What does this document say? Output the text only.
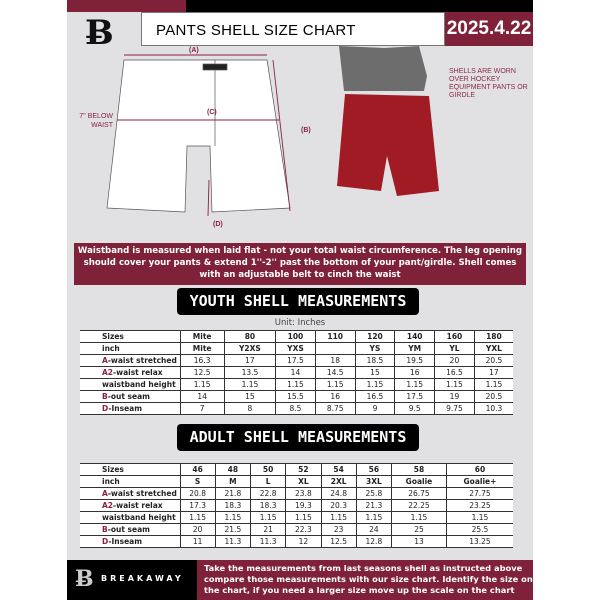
Ƀ	PANTS SHELL SIZE CHART	2025.4.22
(A)
(C)
(B)
(D)
7'' BELOW WAIST
SHELLS ARE WORN OVER HOCKEY EQUIPMENT PANTS OR GIRDLE
Waistband is measured when laid flat - not your total waist circumference. The leg opening should cover your pants & extend 1''-2'' past the bottom of your pant/girdle. Shell comes with an adjustable belt to cinch the waist
YOUTH SHELL MEASUREMENTS
Unit: Inches
Sizes	Mite	80	100	110	120	140	160	180
inch	Mite	Y2XS	YXS		YS	YM	YL	YXL
A-waist stretched	16.3	17	17.5	18	18.5	19.5	20	20.5
A2-waist relax	12.5	13.5	14	14.5	15	16	16.5	17
waistband height	1.15	1.15	1.15	1.15	1.15	1.15	1.15	1.15
B-out seam	14	15	15.5	16	16.5	17.5	19	20.5
D-Inseam	7	8	8.5	8.75	9	9.5	9.75	10.3
ADULT SHELL MEASUREMENTS
Sizes	46	48	50	52	54	56	58	60
inch	S	M	L	XL	2XL	3XL	Goalie	Goalie+
A-waist stretched	20.8	21.8	22.8	23.8	24.8	25.8	26.75	27.75
A2-waist relax	17.3	18.3	18.3	19.3	20.3	21.3	22.25	23.25
waistband height	1.15	1.15	1.15	1.15	1.15	1.15	1.15	1.15
B-out seam	20	21.5	21	22.3	23	24	25	25.5
D-Inseam	11	11.3	11.3	12	12.5	12.8	13	13.25
Ƀ BREAKAWAY
Take the measurements from last seasons shell as instructed above compare those measurements with our size chart. Identify the size on the chart, if you need a larger size move up the scale on the chart
